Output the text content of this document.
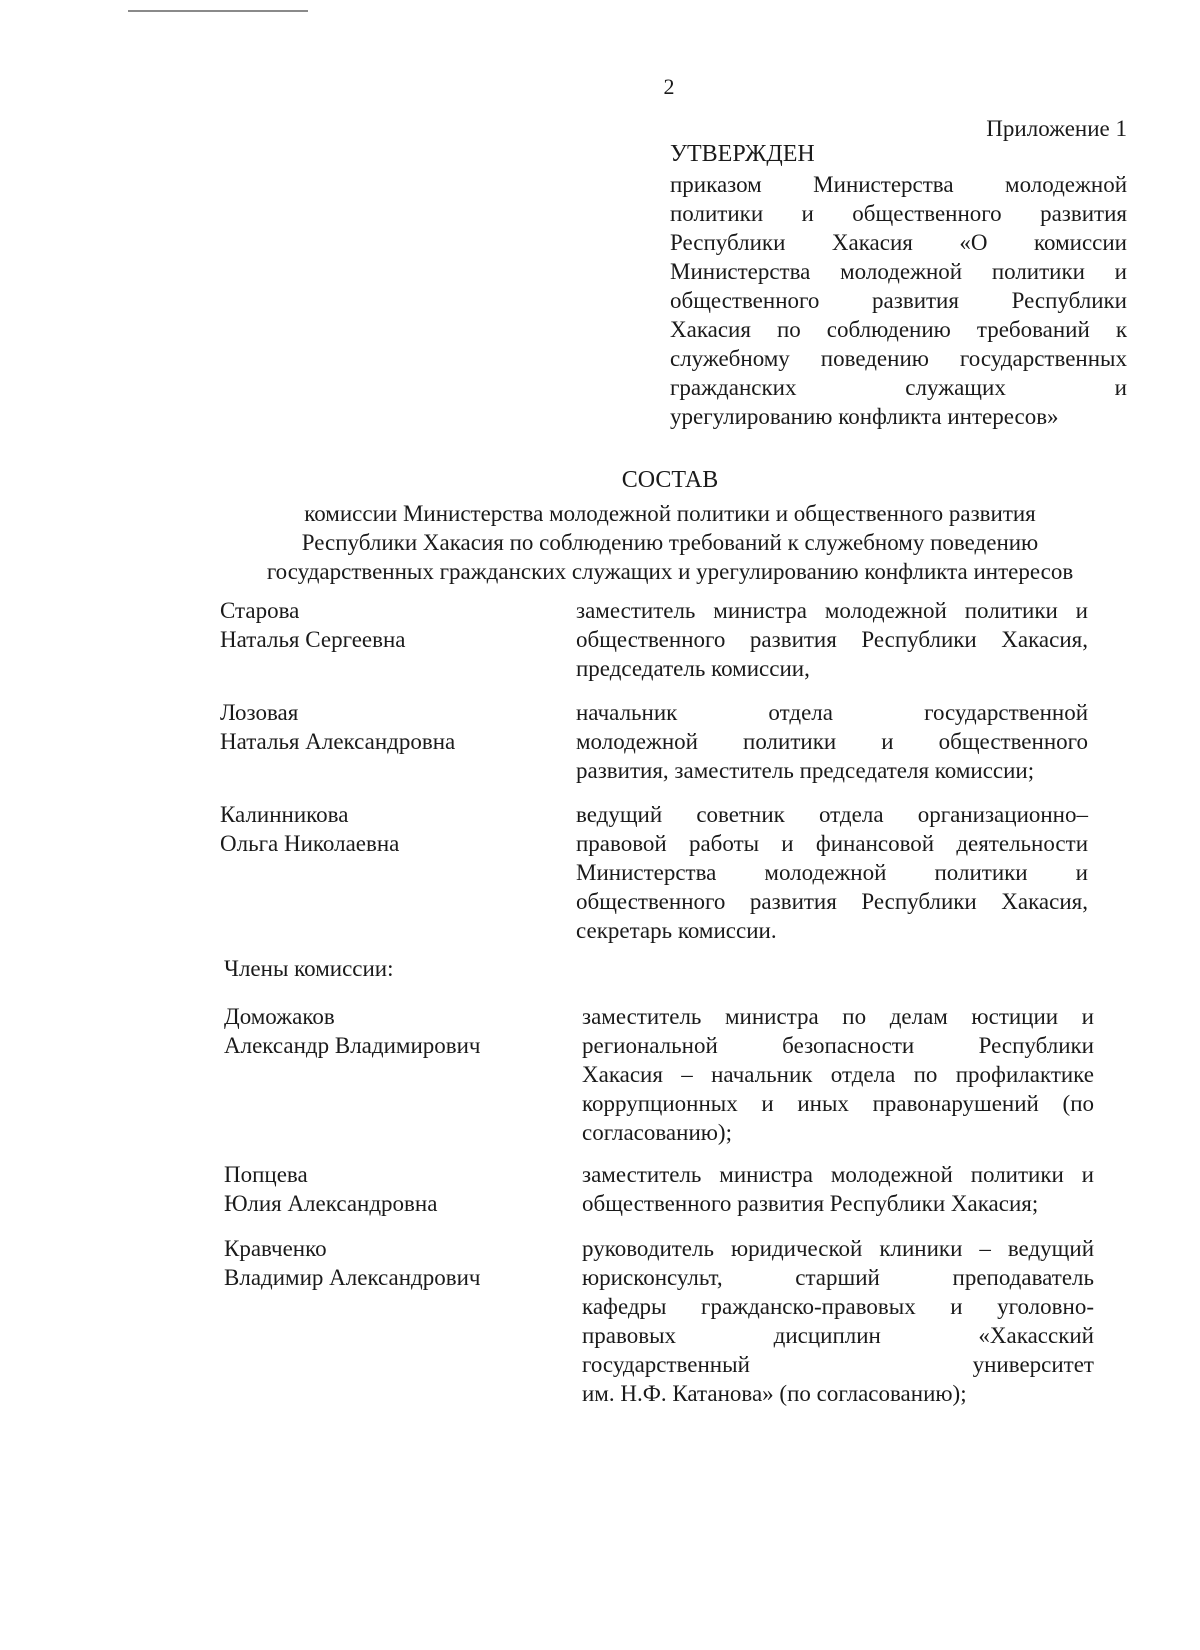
2
Приложение 1
УТВЕРЖДЕН
приказом Министерства молодежной
политики и общественного развития
Республики Хакасия «О комиссии
Министерства молодежной политики и
общественного развития Республики
Хакасия по соблюдению требований к
служебному поведению государственных
гражданских служащих и
урегулированию конфликта интересов»
СОСТАВ
комиссии Министерства молодежной политики и общественного развития
Республики Хакасия по соблюдению требований к служебному поведению
государственных гражданских служащих и урегулированию конфликта интересов
Старова
Наталья Сергеевна
заместитель министра молодежной политики и
общественного развития Республики Хакасия,
председатель комиссии,
Лозовая
Наталья Александровна
начальник отдела государственной
молодежной политики и общественного
развития, заместитель председателя комиссии;
Калинникова
Ольга Николаевна
ведущий советник отдела организационно–
правовой работы и финансовой деятельности
Министерства молодежной политики и
общественного развития Республики Хакасия,
секретарь комиссии.
Члены комиссии:
Доможаков
Александр Владимирович
заместитель министра по делам юстиции и
региональной безопасности Республики
Хакасия – начальник отдела по профилактике
коррупционных и иных правонарушений (по
согласованию);
Попцева
Юлия Александровна
заместитель министра молодежной политики и
общественного развития Республики Хакасия;
Кравченко
Владимир Александрович
руководитель юридической клиники – ведущий
юрисконсульт, старший преподаватель
кафедры гражданско-правовых и уголовно-
правовых дисциплин «Хакасский
государственный университет
им. Н.Ф. Катанова» (по согласованию);
